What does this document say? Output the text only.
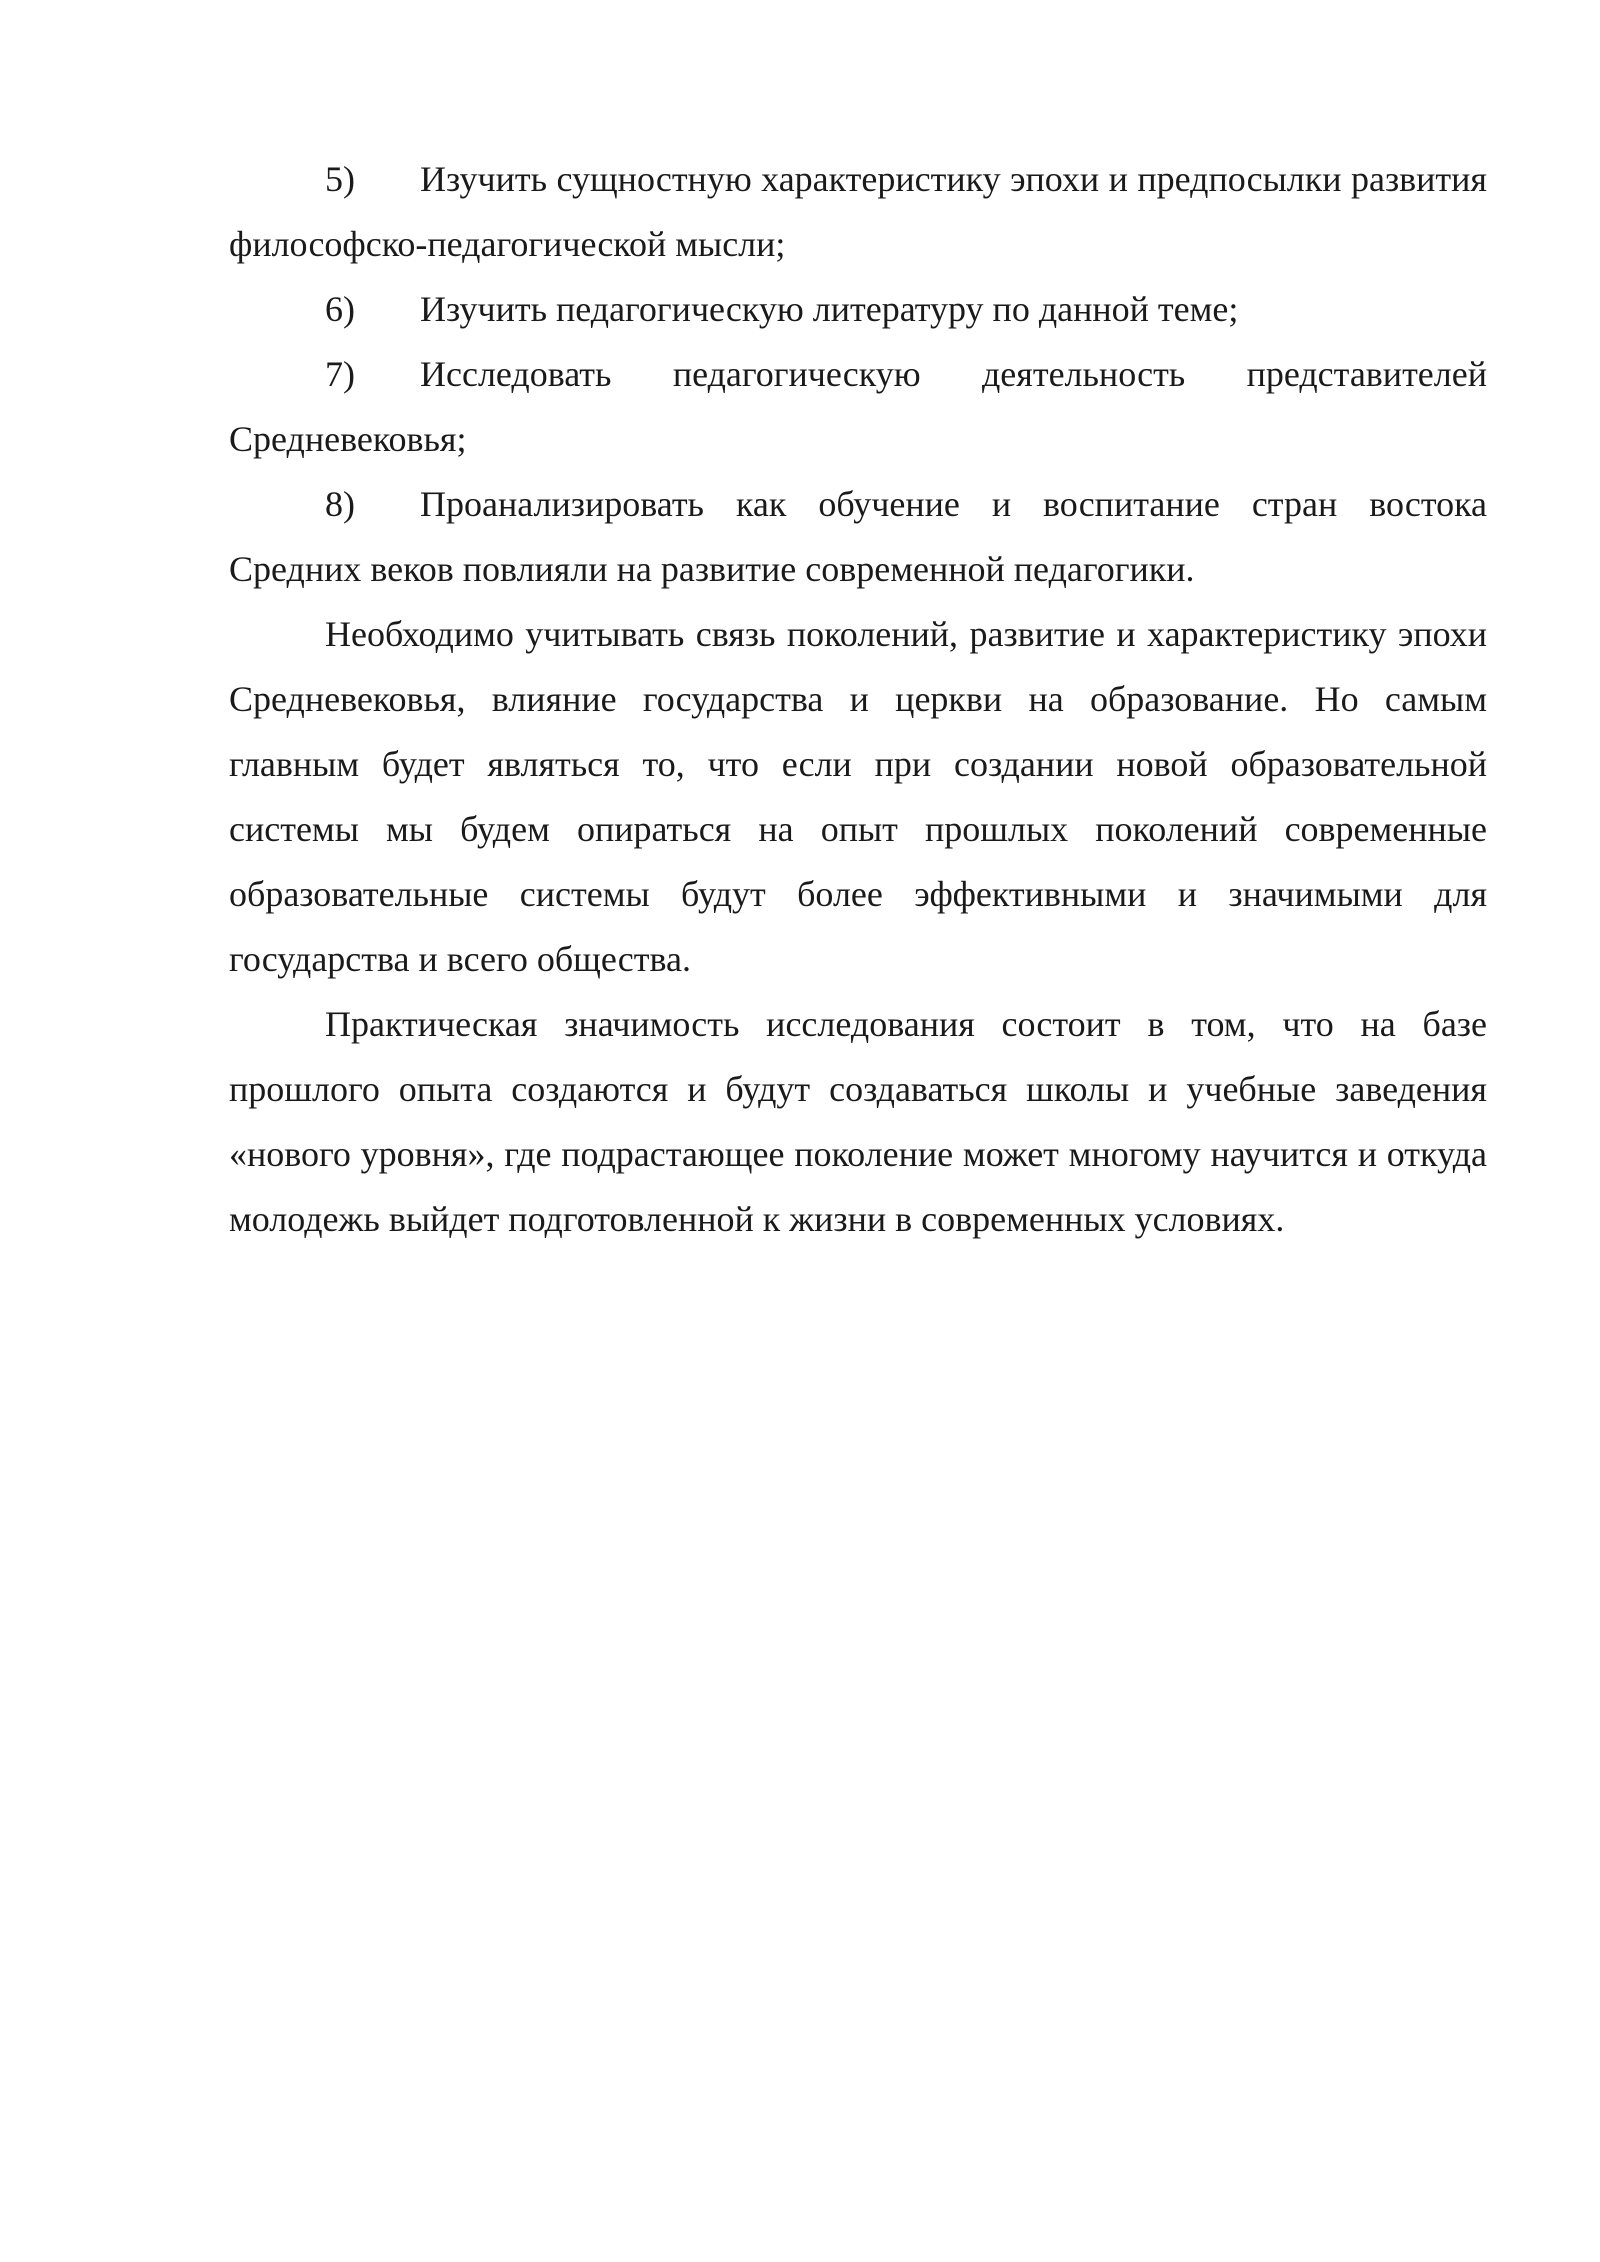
5) Изучить сущностную характеристику эпохи и предпосылки развития философско-педагогической мысли;

6) Изучить педагогическую литературу по данной теме;

7) Исследовать педагогическую деятельность представителей Средневековья;

8) Проанализировать как обучение и воспитание стран востока Средних веков повлияли на развитие современной педагогики.

Необходимо учитывать связь поколений, развитие и характеристику эпохи Средневековья, влияние государства и церкви на образование. Но самым главным будет являться то, что если при создании новой образовательной системы мы будем опираться на опыт прошлых поколений современные образовательные системы будут более эффективными и значимыми для государства и всего общества.

Практическая значимость исследования состоит в том, что на базе прошлого опыта создаются и будут создаваться школы и учебные заведения «нового уровня», где подрастающее поколение может многому научится и откуда молодежь выйдет подготовленной к жизни в современных условиях.
